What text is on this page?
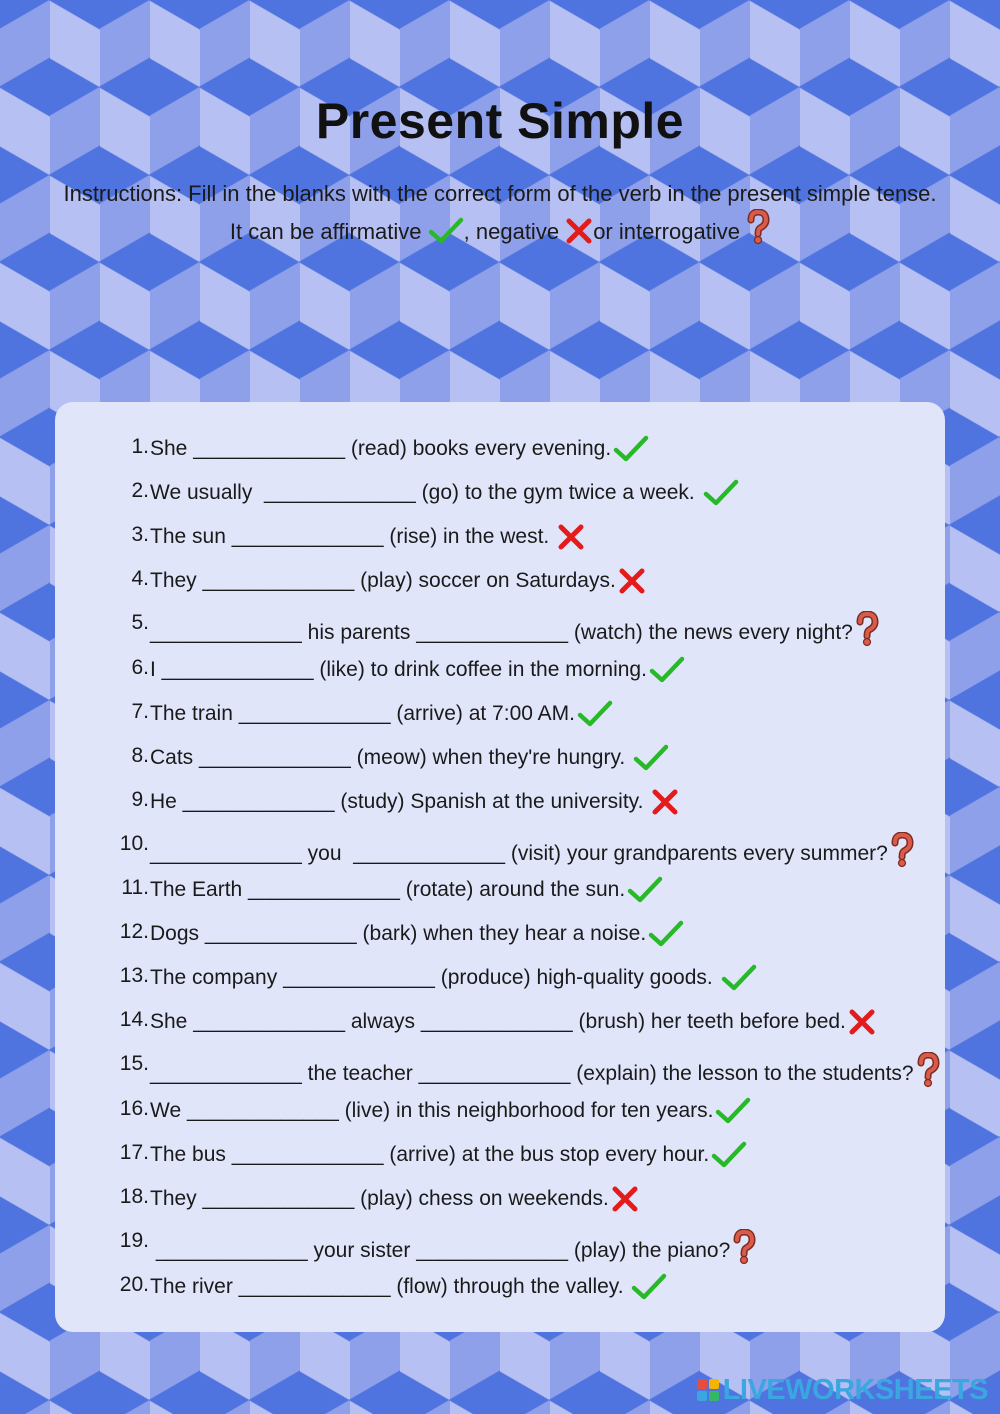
Present Simple
Instructions: Fill in the blanks with the correct form of the verb in the present simple tense. It can be affirmative , negative or interrogative
1. She _____________ (read) books every evening.
2. We usually  _____________ (go) to the gym twice a week.
3. The sun _____________ (rise) in the west.
4. They _____________ (play) soccer on Saturdays.
5. _____________ his parents _____________ (watch) the news every night?
6. I _____________ (like) to drink coffee in the morning.
7. The train _____________ (arrive) at 7:00 AM.
8. Cats _____________ (meow) when they're hungry.
9. He _____________ (study) Spanish at the university.
10. _____________ you  _____________ (visit) your grandparents every summer?
11. The Earth _____________ (rotate) around the sun.
12. Dogs _____________ (bark) when they hear a noise.
13. The company _____________ (produce) high-quality goods.
14. She _____________ always _____________ (brush) her teeth before bed.
15. _____________ the teacher _____________ (explain) the lesson to the students?
16. We _____________ (live) in this neighborhood for ten years.
17. The bus _____________ (arrive) at the bus stop every hour.
18. They _____________ (play) chess on weekends.
19. _____________ your sister _____________ (play) the piano?
20. The river _____________ (flow) through the valley.
LIVEWORKSHEETS
